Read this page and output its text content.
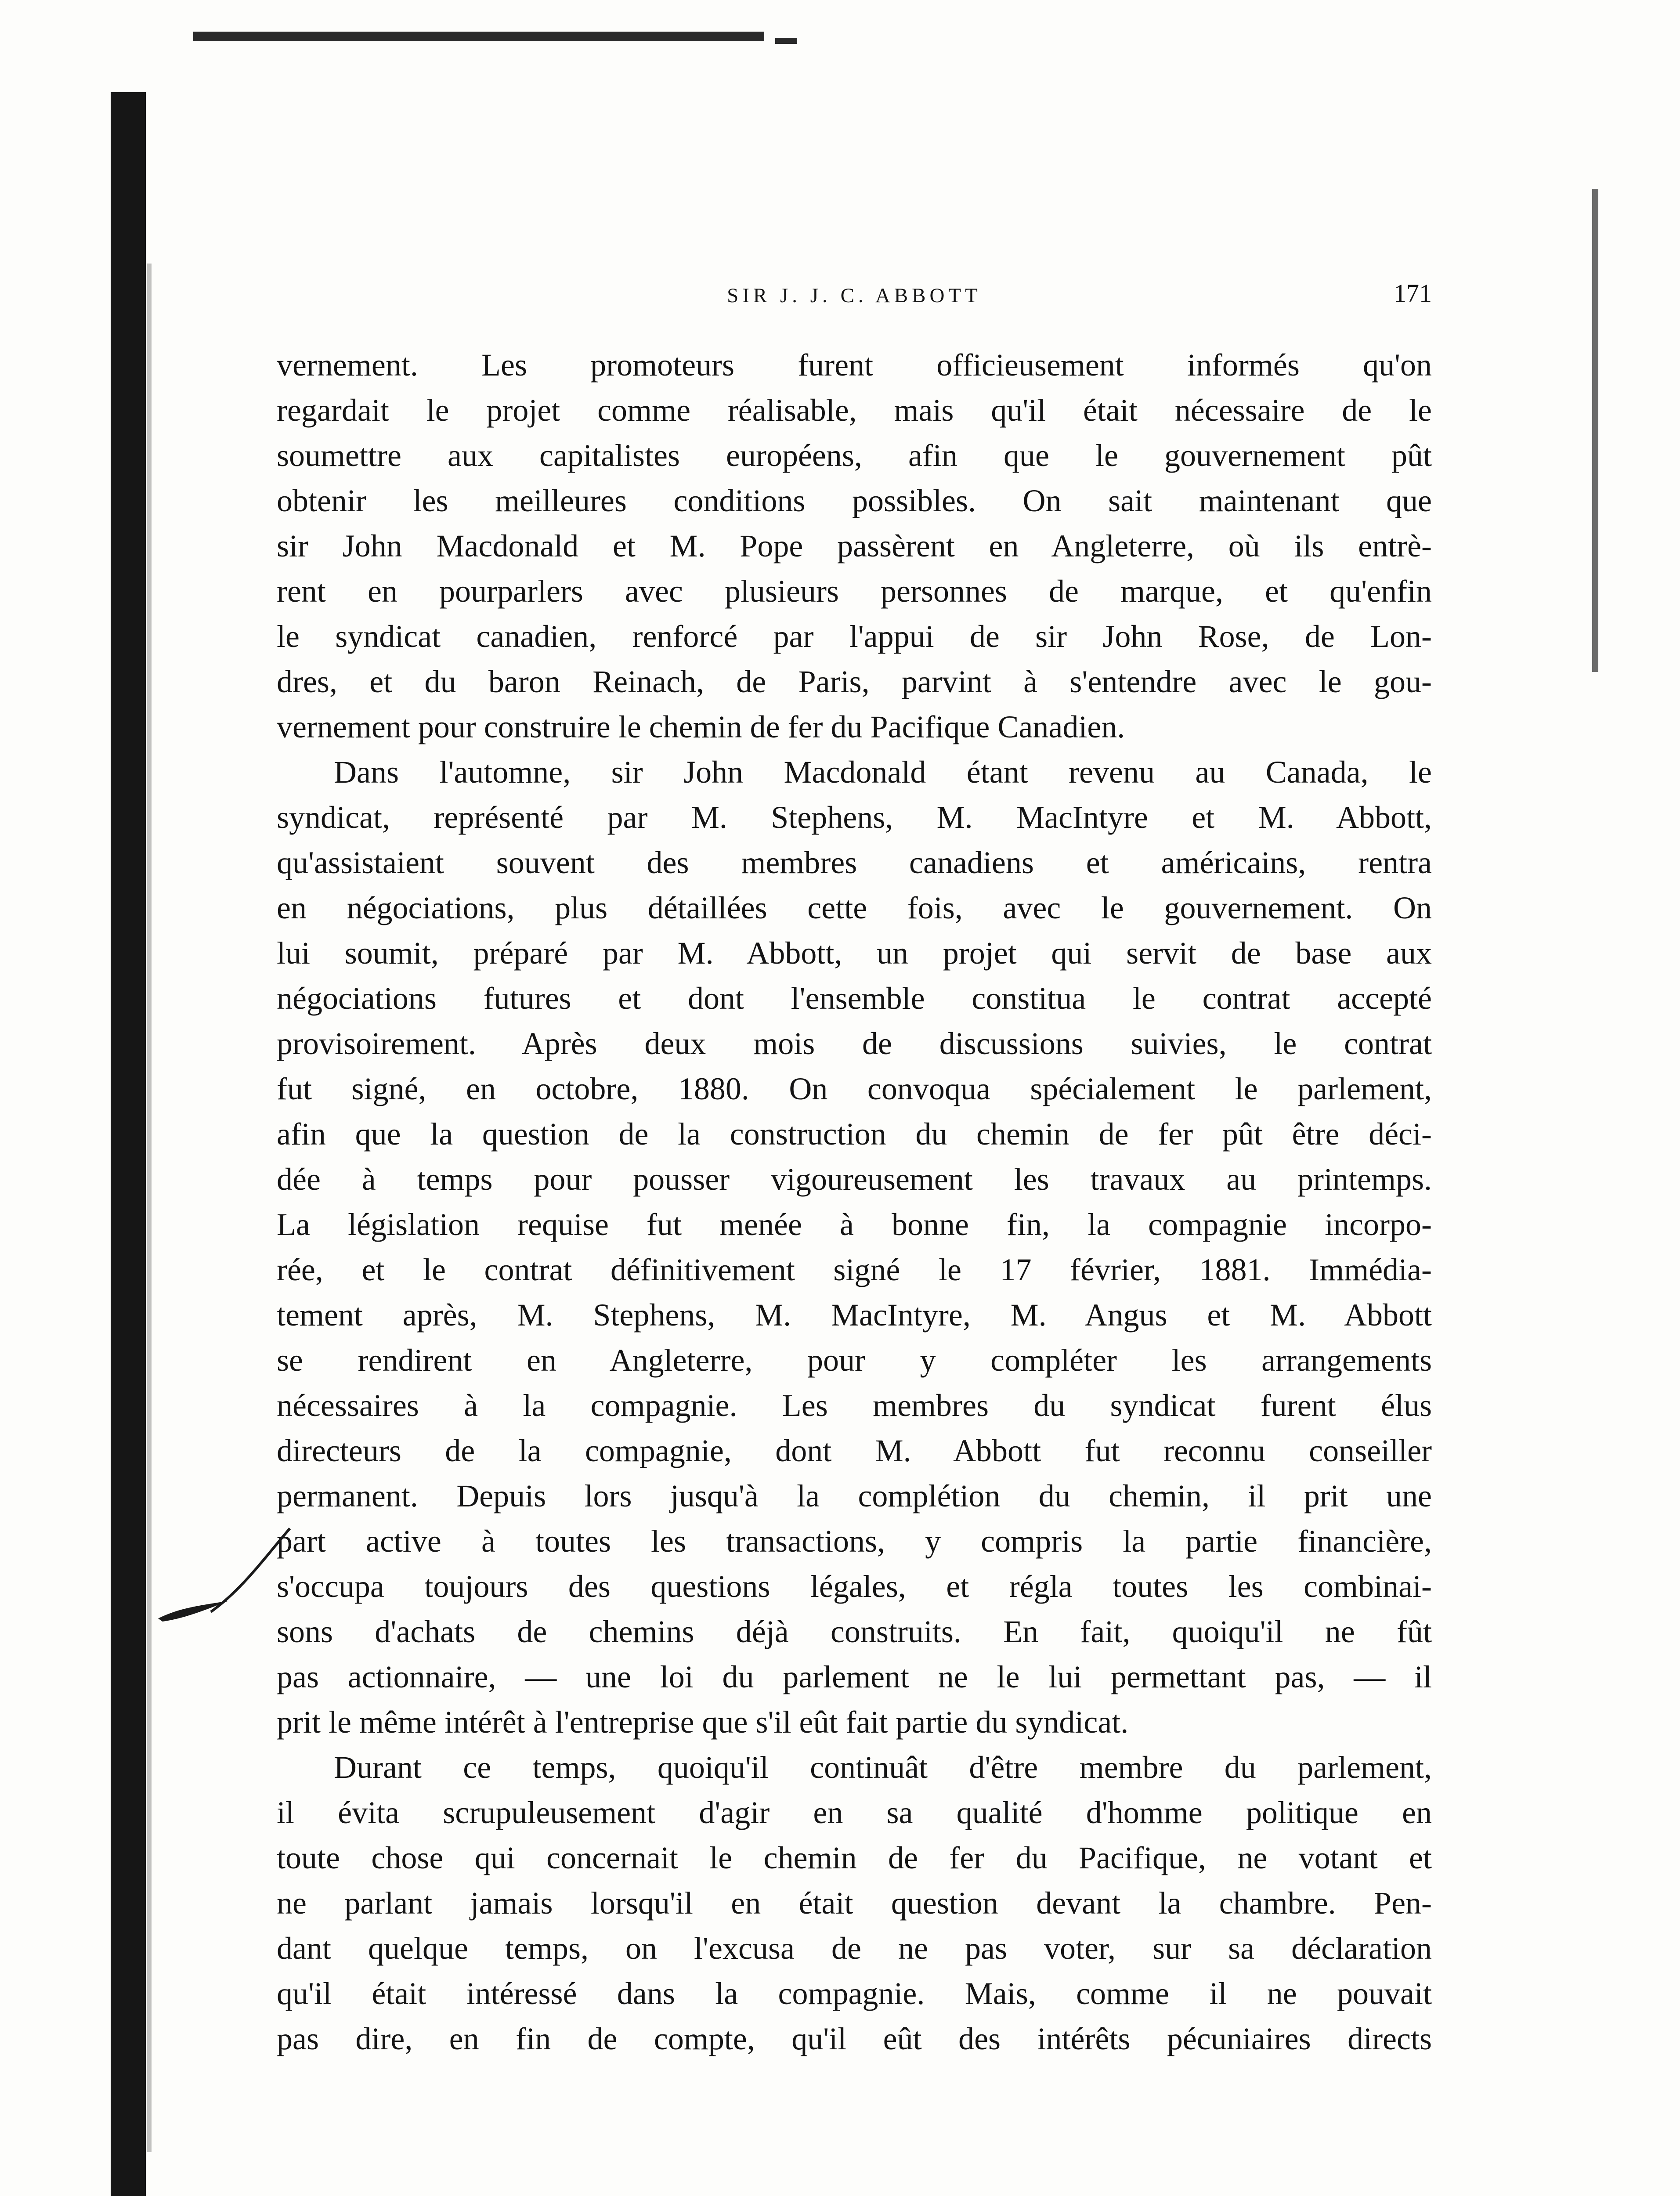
SIR J. J. C. ABBOTT	171
vernement. Les promoteurs furent officieusement informés qu'on
regardait le projet comme réalisable, mais qu'il était nécessaire de le
soumettre aux capitalistes européens, afin que le gouvernement pût
obtenir les meilleures conditions possibles. On sait maintenant que
sir John Macdonald et M. Pope passèrent en Angleterre, où ils entrè-
rent en pourparlers avec plusieurs personnes de marque, et qu'enfin
le syndicat canadien, renforcé par l'appui de sir John Rose, de Lon-
dres, et du baron Reinach, de Paris, parvint à s'entendre avec le gou-
vernement pour construire le chemin de fer du Pacifique Canadien.
Dans l'automne, sir John Macdonald étant revenu au Canada, le
syndicat, représenté par M. Stephens, M. MacIntyre et M. Abbott,
qu'assistaient souvent des membres canadiens et américains, rentra
en négociations, plus détaillées cette fois, avec le gouvernement. On
lui soumit, préparé par M. Abbott, un projet qui servit de base aux
négociations futures et dont l'ensemble constitua le contrat accepté
provisoirement. Après deux mois de discussions suivies, le contrat
fut signé, en octobre, 1880. On convoqua spécialement le parlement,
afin que la question de la construction du chemin de fer pût être déci-
dée à temps pour pousser vigoureusement les travaux au printemps.
La législation requise fut menée à bonne fin, la compagnie incorpo-
rée, et le contrat définitivement signé le 17 février, 1881. Immédia-
tement après, M. Stephens, M. MacIntyre, M. Angus et M. Abbott
se rendirent en Angleterre, pour y compléter les arrangements
nécessaires à la compagnie. Les membres du syndicat furent élus
directeurs de la compagnie, dont M. Abbott fut reconnu conseiller
permanent. Depuis lors jusqu'à la complétion du chemin, il prit une
part active à toutes les transactions, y compris la partie financière,
s'occupa toujours des questions légales, et régla toutes les combinai-
sons d'achats de chemins déjà construits. En fait, quoiqu'il ne fût
pas actionnaire, — une loi du parlement ne le lui permettant pas, — il
prit le même intérêt à l'entreprise que s'il eût fait partie du syndicat.
Durant ce temps, quoiqu'il continuât d'être membre du parlement,
il évita scrupuleusement d'agir en sa qualité d'homme politique en
toute chose qui concernait le chemin de fer du Pacifique, ne votant et
ne parlant jamais lorsqu'il en était question devant la chambre. Pen-
dant quelque temps, on l'excusa de ne pas voter, sur sa déclaration
qu'il était intéressé dans la compagnie. Mais, comme il ne pouvait
pas dire, en fin de compte, qu'il eût des intérêts pécuniaires directs
